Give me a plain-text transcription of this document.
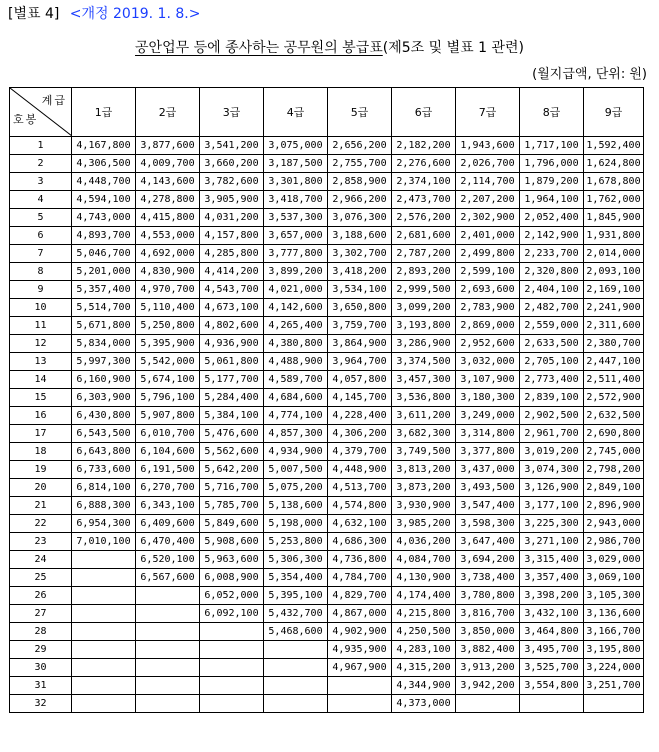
[별표 4] <개정 2019. 1. 8.>
공안업무 등에 종사하는 공무원의 봉급표(제5조 및 별표 1 관련)
(월지급액, 단위: 원)
계급
호봉	1급	2급	3급	4급	5급	6급	7급	8급	9급
1	4,167,800	3,877,600	3,541,200	3,075,000	2,656,200	2,182,200	1,943,600	1,717,100	1,592,400
2	4,306,500	4,009,700	3,660,200	3,187,500	2,755,700	2,276,600	2,026,700	1,796,000	1,624,800
3	4,448,700	4,143,600	3,782,600	3,301,800	2,858,900	2,374,100	2,114,700	1,879,200	1,678,800
4	4,594,100	4,278,800	3,905,900	3,418,700	2,966,200	2,473,700	2,207,200	1,964,100	1,762,000
5	4,743,000	4,415,800	4,031,200	3,537,300	3,076,300	2,576,200	2,302,900	2,052,400	1,845,900
6	4,893,700	4,553,000	4,157,800	3,657,000	3,188,600	2,681,600	2,401,000	2,142,900	1,931,800
7	5,046,700	4,692,000	4,285,800	3,777,800	3,302,700	2,787,200	2,499,800	2,233,700	2,014,000
8	5,201,000	4,830,900	4,414,200	3,899,200	3,418,200	2,893,200	2,599,100	2,320,800	2,093,100
9	5,357,400	4,970,700	4,543,700	4,021,000	3,534,100	2,999,500	2,693,600	2,404,100	2,169,100
10	5,514,700	5,110,400	4,673,100	4,142,600	3,650,800	3,099,200	2,783,900	2,482,700	2,241,900
11	5,671,800	5,250,800	4,802,600	4,265,400	3,759,700	3,193,800	2,869,000	2,559,000	2,311,600
12	5,834,000	5,395,900	4,936,900	4,380,800	3,864,900	3,286,900	2,952,600	2,633,500	2,380,700
13	5,997,300	5,542,000	5,061,800	4,488,900	3,964,700	3,374,500	3,032,000	2,705,100	2,447,100
14	6,160,900	5,674,100	5,177,700	4,589,700	4,057,800	3,457,300	3,107,900	2,773,400	2,511,400
15	6,303,900	5,796,100	5,284,400	4,684,600	4,145,700	3,536,800	3,180,300	2,839,100	2,572,900
16	6,430,800	5,907,800	5,384,100	4,774,100	4,228,400	3,611,200	3,249,000	2,902,500	2,632,500
17	6,543,500	6,010,700	5,476,600	4,857,300	4,306,200	3,682,300	3,314,800	2,961,700	2,690,800
18	6,643,800	6,104,600	5,562,600	4,934,900	4,379,700	3,749,500	3,377,800	3,019,200	2,745,000
19	6,733,600	6,191,500	5,642,200	5,007,500	4,448,900	3,813,200	3,437,000	3,074,300	2,798,200
20	6,814,100	6,270,700	5,716,700	5,075,200	4,513,700	3,873,200	3,493,500	3,126,900	2,849,100
21	6,888,300	6,343,100	5,785,700	5,138,600	4,574,800	3,930,900	3,547,400	3,177,100	2,896,900
22	6,954,300	6,409,600	5,849,600	5,198,000	4,632,100	3,985,200	3,598,300	3,225,300	2,943,000
23	7,010,100	6,470,400	5,908,600	5,253,800	4,686,300	4,036,200	3,647,400	3,271,100	2,986,700
24		6,520,100	5,963,600	5,306,300	4,736,800	4,084,700	3,694,200	3,315,400	3,029,000
25		6,567,600	6,008,900	5,354,400	4,784,700	4,130,900	3,738,400	3,357,400	3,069,100
26			6,052,000	5,395,100	4,829,700	4,174,400	3,780,800	3,398,200	3,105,300
27			6,092,100	5,432,700	4,867,000	4,215,800	3,816,700	3,432,100	3,136,600
28				5,468,600	4,902,900	4,250,500	3,850,000	3,464,800	3,166,700
29					4,935,900	4,283,100	3,882,400	3,495,700	3,195,800
30					4,967,900	4,315,200	3,913,200	3,525,700	3,224,000
31						4,344,900	3,942,200	3,554,800	3,251,700
32						4,373,000			
